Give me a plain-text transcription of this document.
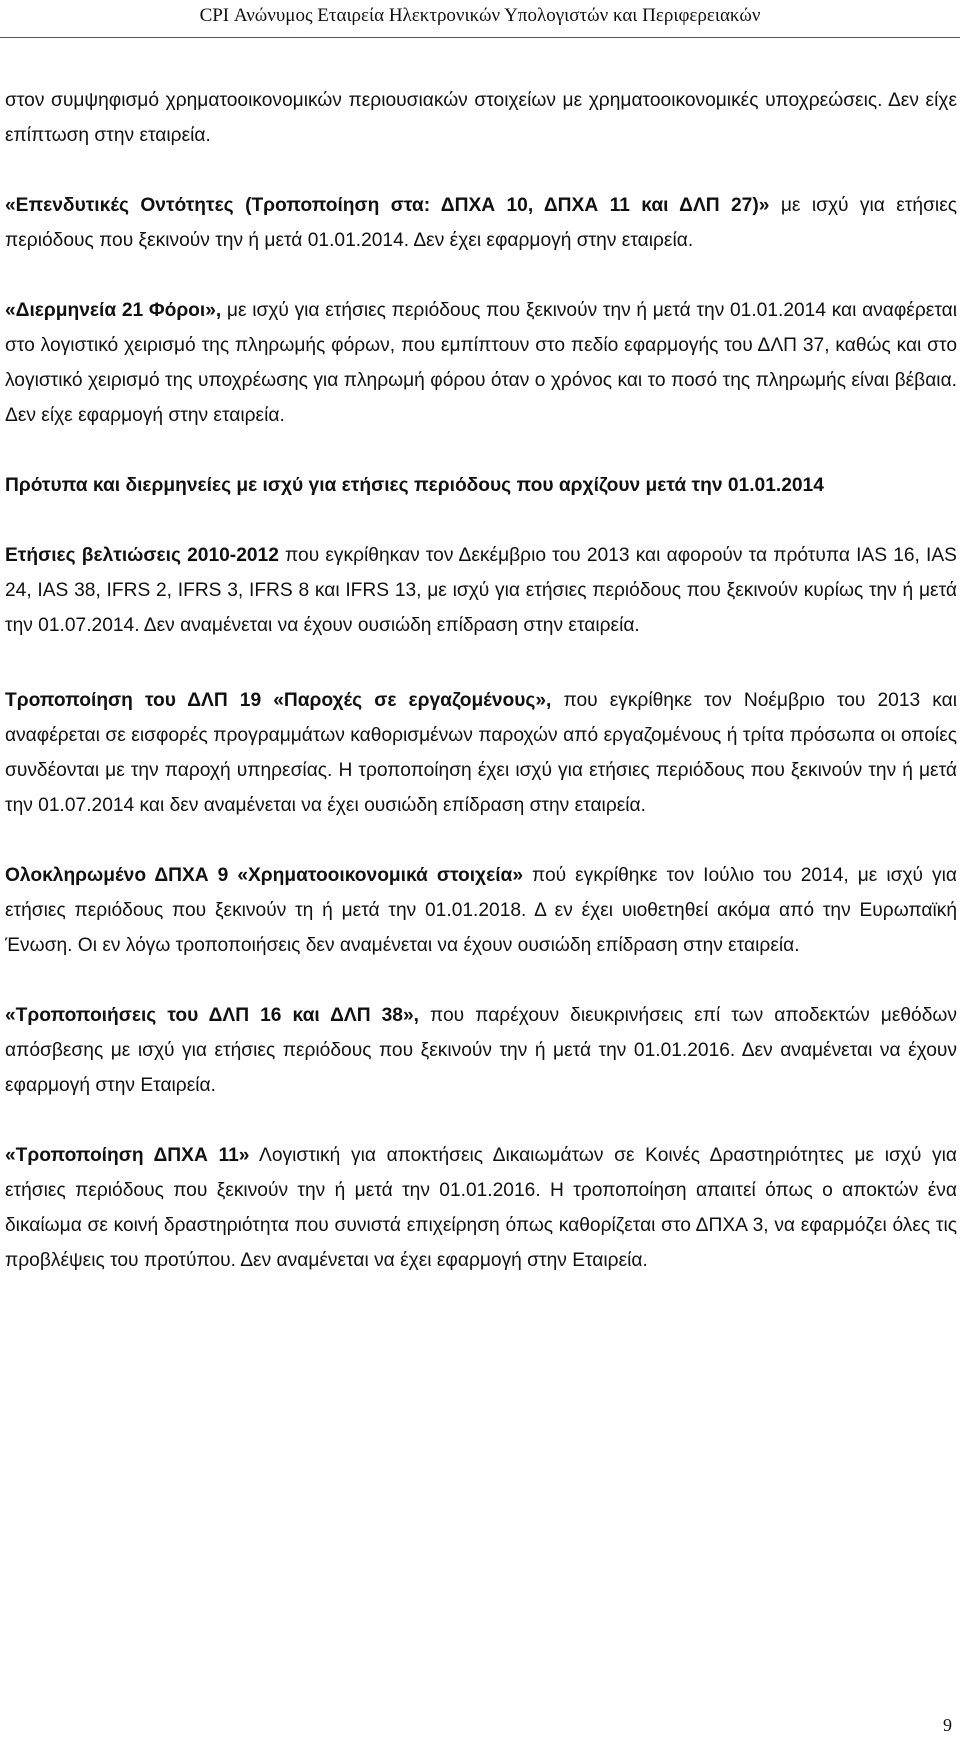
CPI Ανώνυμος Εταιρεία Ηλεκτρονικών Υπολογιστών και Περιφερειακών

στον συμψηφισμό χρηματοοικονομικών περιουσιακών στοιχείων με χρηματοοικονομικές υποχρεώσεις. Δεν είχε επίπτωση στην εταιρεία.

«Επενδυτικές Οντότητες (Τροποποίηση στα: ΔΠΧΑ 10, ΔΠΧΑ 11 και ΔΛΠ 27)» με ισχύ για ετήσιες περιόδους που ξεκινούν την ή μετά 01.01.2014. Δεν έχει εφαρμογή στην εταιρεία.

«Διερμηνεία 21 Φόροι», με ισχύ για ετήσιες περιόδους που ξεκινούν την ή μετά την 01.01.2014 και αναφέρεται στο λογιστικό χειρισμό της πληρωμής φόρων, που εμπίπτουν στο πεδίο εφαρμογής του ΔΛΠ 37, καθώς και στο λογιστικό χειρισμό της υποχρέωσης για πληρωμή φόρου όταν ο χρόνος και το ποσό της πληρωμής είναι βέβαια. Δεν είχε εφαρμογή στην εταιρεία.

Πρότυπα και διερμηνείες με ισχύ για ετήσιες περιόδους που αρχίζουν μετά την 01.01.2014

Ετήσιες βελτιώσεις 2010-2012 που εγκρίθηκαν τον Δεκέμβριο του 2013 και αφορούν τα πρότυπα IAS 16, IAS 24, IAS 38, IFRS 2, IFRS 3, IFRS 8 και IFRS 13, με ισχύ για ετήσιες περιόδους που ξεκινούν κυρίως την ή μετά την 01.07.2014. Δεν αναμένεται να έχουν ουσιώδη επίδραση στην εταιρεία.

Τροποποίηση του ΔΛΠ 19 «Παροχές σε εργαζομένους», που εγκρίθηκε τον Νοέμβριο του 2013 και αναφέρεται σε εισφορές προγραμμάτων καθορισμένων παροχών από εργαζομένους ή τρίτα πρόσωπα οι οποίες συνδέονται με την παροχή υπηρεσίας. Η τροποποίηση έχει ισχύ για ετήσιες περιόδους που ξεκινούν την ή μετά την 01.07.2014 και δεν αναμένεται να έχει ουσιώδη επίδραση στην εταιρεία.

Ολοκληρωμένο ΔΠΧΑ 9 «Χρηματοοικονομικά στοιχεία» πού εγκρίθηκε τον Ιούλιο του 2014, με ισχύ για ετήσιες περιόδους που ξεκινούν τη ή μετά την 01.01.2018. Δ εν έχει υιοθετηθεί ακόμα από την Ευρωπαϊκή Ένωση. Οι εν λόγω τροποποιήσεις δεν αναμένεται να έχουν ουσιώδη επίδραση στην εταιρεία.

«Τροποποιήσεις του ΔΛΠ 16 και ΔΛΠ 38», που παρέχουν διευκρινήσεις επί των αποδεκτών μεθόδων απόσβεσης με ισχύ για ετήσιες περιόδους που ξεκινούν την ή μετά την 01.01.2016. Δεν αναμένεται να έχουν εφαρμογή στην Εταιρεία.

«Τροποποίηση ΔΠΧΑ 11» Λογιστική για αποκτήσεις Δικαιωμάτων σε Κοινές Δραστηριότητες με ισχύ για ετήσιες περιόδους που ξεκινούν την ή μετά την 01.01.2016. Η τροποποίηση απαιτεί όπως ο αποκτών ένα δικαίωμα σε κοινή δραστηριότητα που συνιστά επιχείρηση όπως καθορίζεται στο ΔΠΧΑ 3, να εφαρμόζει όλες τις προβλέψεις του προτύπου. Δεν αναμένεται να έχει εφαρμογή στην Εταιρεία.

9
